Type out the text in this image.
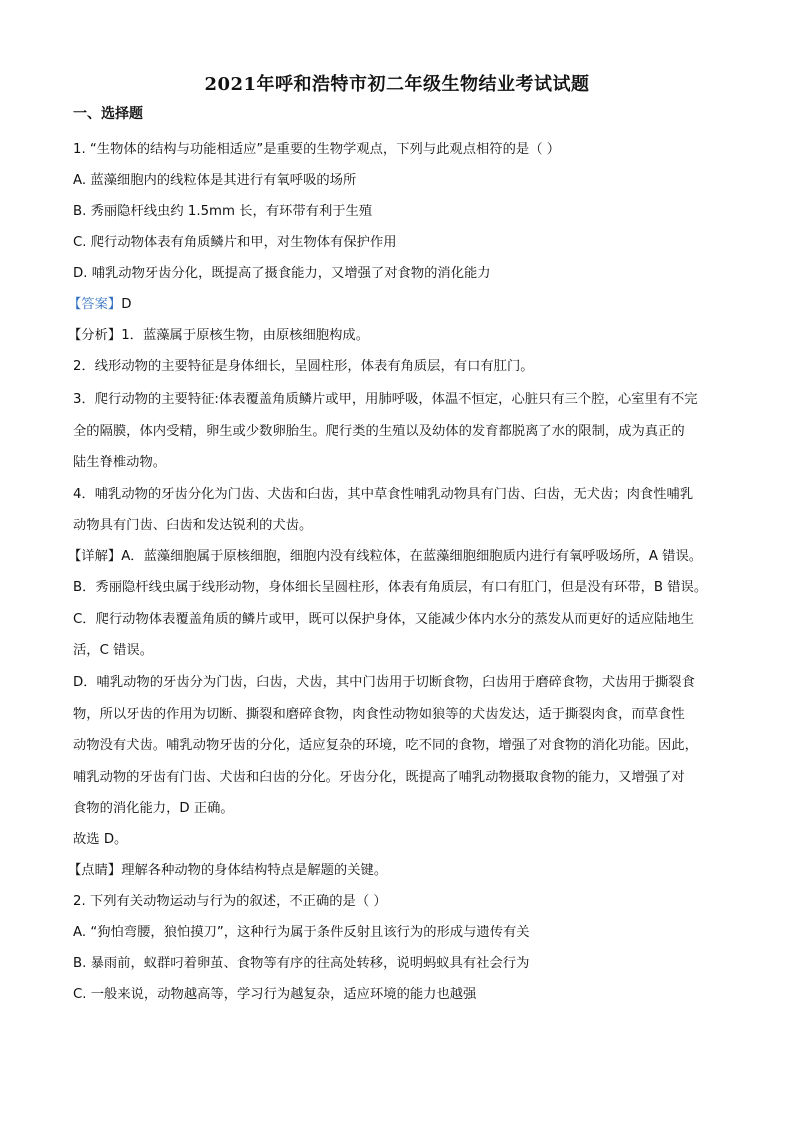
2021年呼和浩特市初二年级生物结业考试试题
一、选择题
1. “生物体的结构与功能相适应”是重要的生物学观点，下列与此观点相符的是（ ）
A. 蓝藻细胞内的线粒体是其进行有氧呼吸的场所
B. 秀丽隐杆线虫约 1.5mm 长，有环带有利于生殖
C. 爬行动物体表有角质鳞片和甲，对生物体有保护作用
D. 哺乳动物牙齿分化，既提高了摄食能力，又增强了对食物的消化能力
【答案】D
【分析】1．蓝藻属于原核生物，由原核细胞构成。
2．线形动物的主要特征是身体细长，呈圆柱形，体表有角质层，有口有肛门。
3．爬行动物的主要特征:体表覆盖角质鳞片或甲，用肺呼吸，体温不恒定，心脏只有三个腔，心室里有不完
全的隔膜，体内受精，卵生或少数卵胎生。爬行类的生殖以及幼体的发育都脱离了水的限制，成为真正的
陆生脊椎动物。
4．哺乳动物的牙齿分化为门齿、犬齿和臼齿，其中草食性哺乳动物具有门齿、臼齿，无犬齿；肉食性哺乳
动物具有门齿、臼齿和发达锐利的犬齿。
【详解】A．蓝藻细胞属于原核细胞，细胞内没有线粒体，在蓝藻细胞细胞质内进行有氧呼吸场所，A 错误。
B．秀丽隐杆线虫属于线形动物，身体细长呈圆柱形，体表有角质层，有口有肛门，但是没有环带，B 错误。
C．爬行动物体表覆盖角质的鳞片或甲，既可以保护身体，又能减少体内水分的蒸发从而更好的适应陆地生
活，C 错误。
D．哺乳动物的牙齿分为门齿，臼齿，犬齿，其中门齿用于切断食物，臼齿用于磨碎食物，犬齿用于撕裂食
物，所以牙齿的作用为切断、撕裂和磨碎食物，肉食性动物如狼等的犬齿发达，适于撕裂肉食，而草食性
动物没有犬齿。哺乳动物牙齿的分化，适应复杂的环境，吃不同的食物，增强了对食物的消化功能。因此，
哺乳动物的牙齿有门齿、犬齿和臼齿的分化。牙齿分化，既提高了哺乳动物摄取食物的能力，又增强了对
食物的消化能力，D 正确。
故选 D。
【点睛】理解各种动物的身体结构特点是解题的关键。
2. 下列有关动物运动与行为的叙述，不正确的是（ ）
A. “狗怕弯腰，狼怕摸刀”，这种行为属于条件反射且该行为的形成与遗传有关
B. 暴雨前，蚁群叼着卵茧、食物等有序的往高处转移，说明蚂蚁具有社会行为
C. 一般来说，动物越高等，学习行为越复杂，适应环境的能力也越强
